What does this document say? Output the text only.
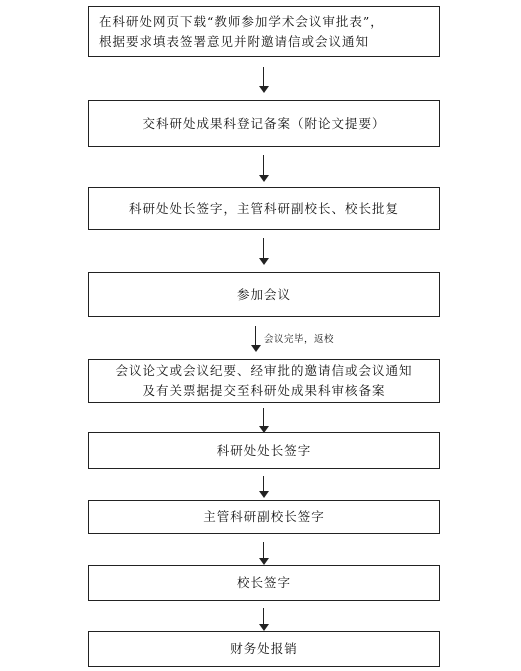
在科研处网页下载“教师参加学术会议审批表”，
根据要求填表签署意见并附邀请信或会议通知
交科研处成果科登记备案（附论文提要）
科研处处长签字，主管科研副校长、校长批复
参加会议
会议完毕，返校
会议论文或会议纪要、经审批的邀请信或会议通知
及有关票据提交至科研处成果科审核备案
科研处处长签字
主管科研副校长签字
校长签字
财务处报销
